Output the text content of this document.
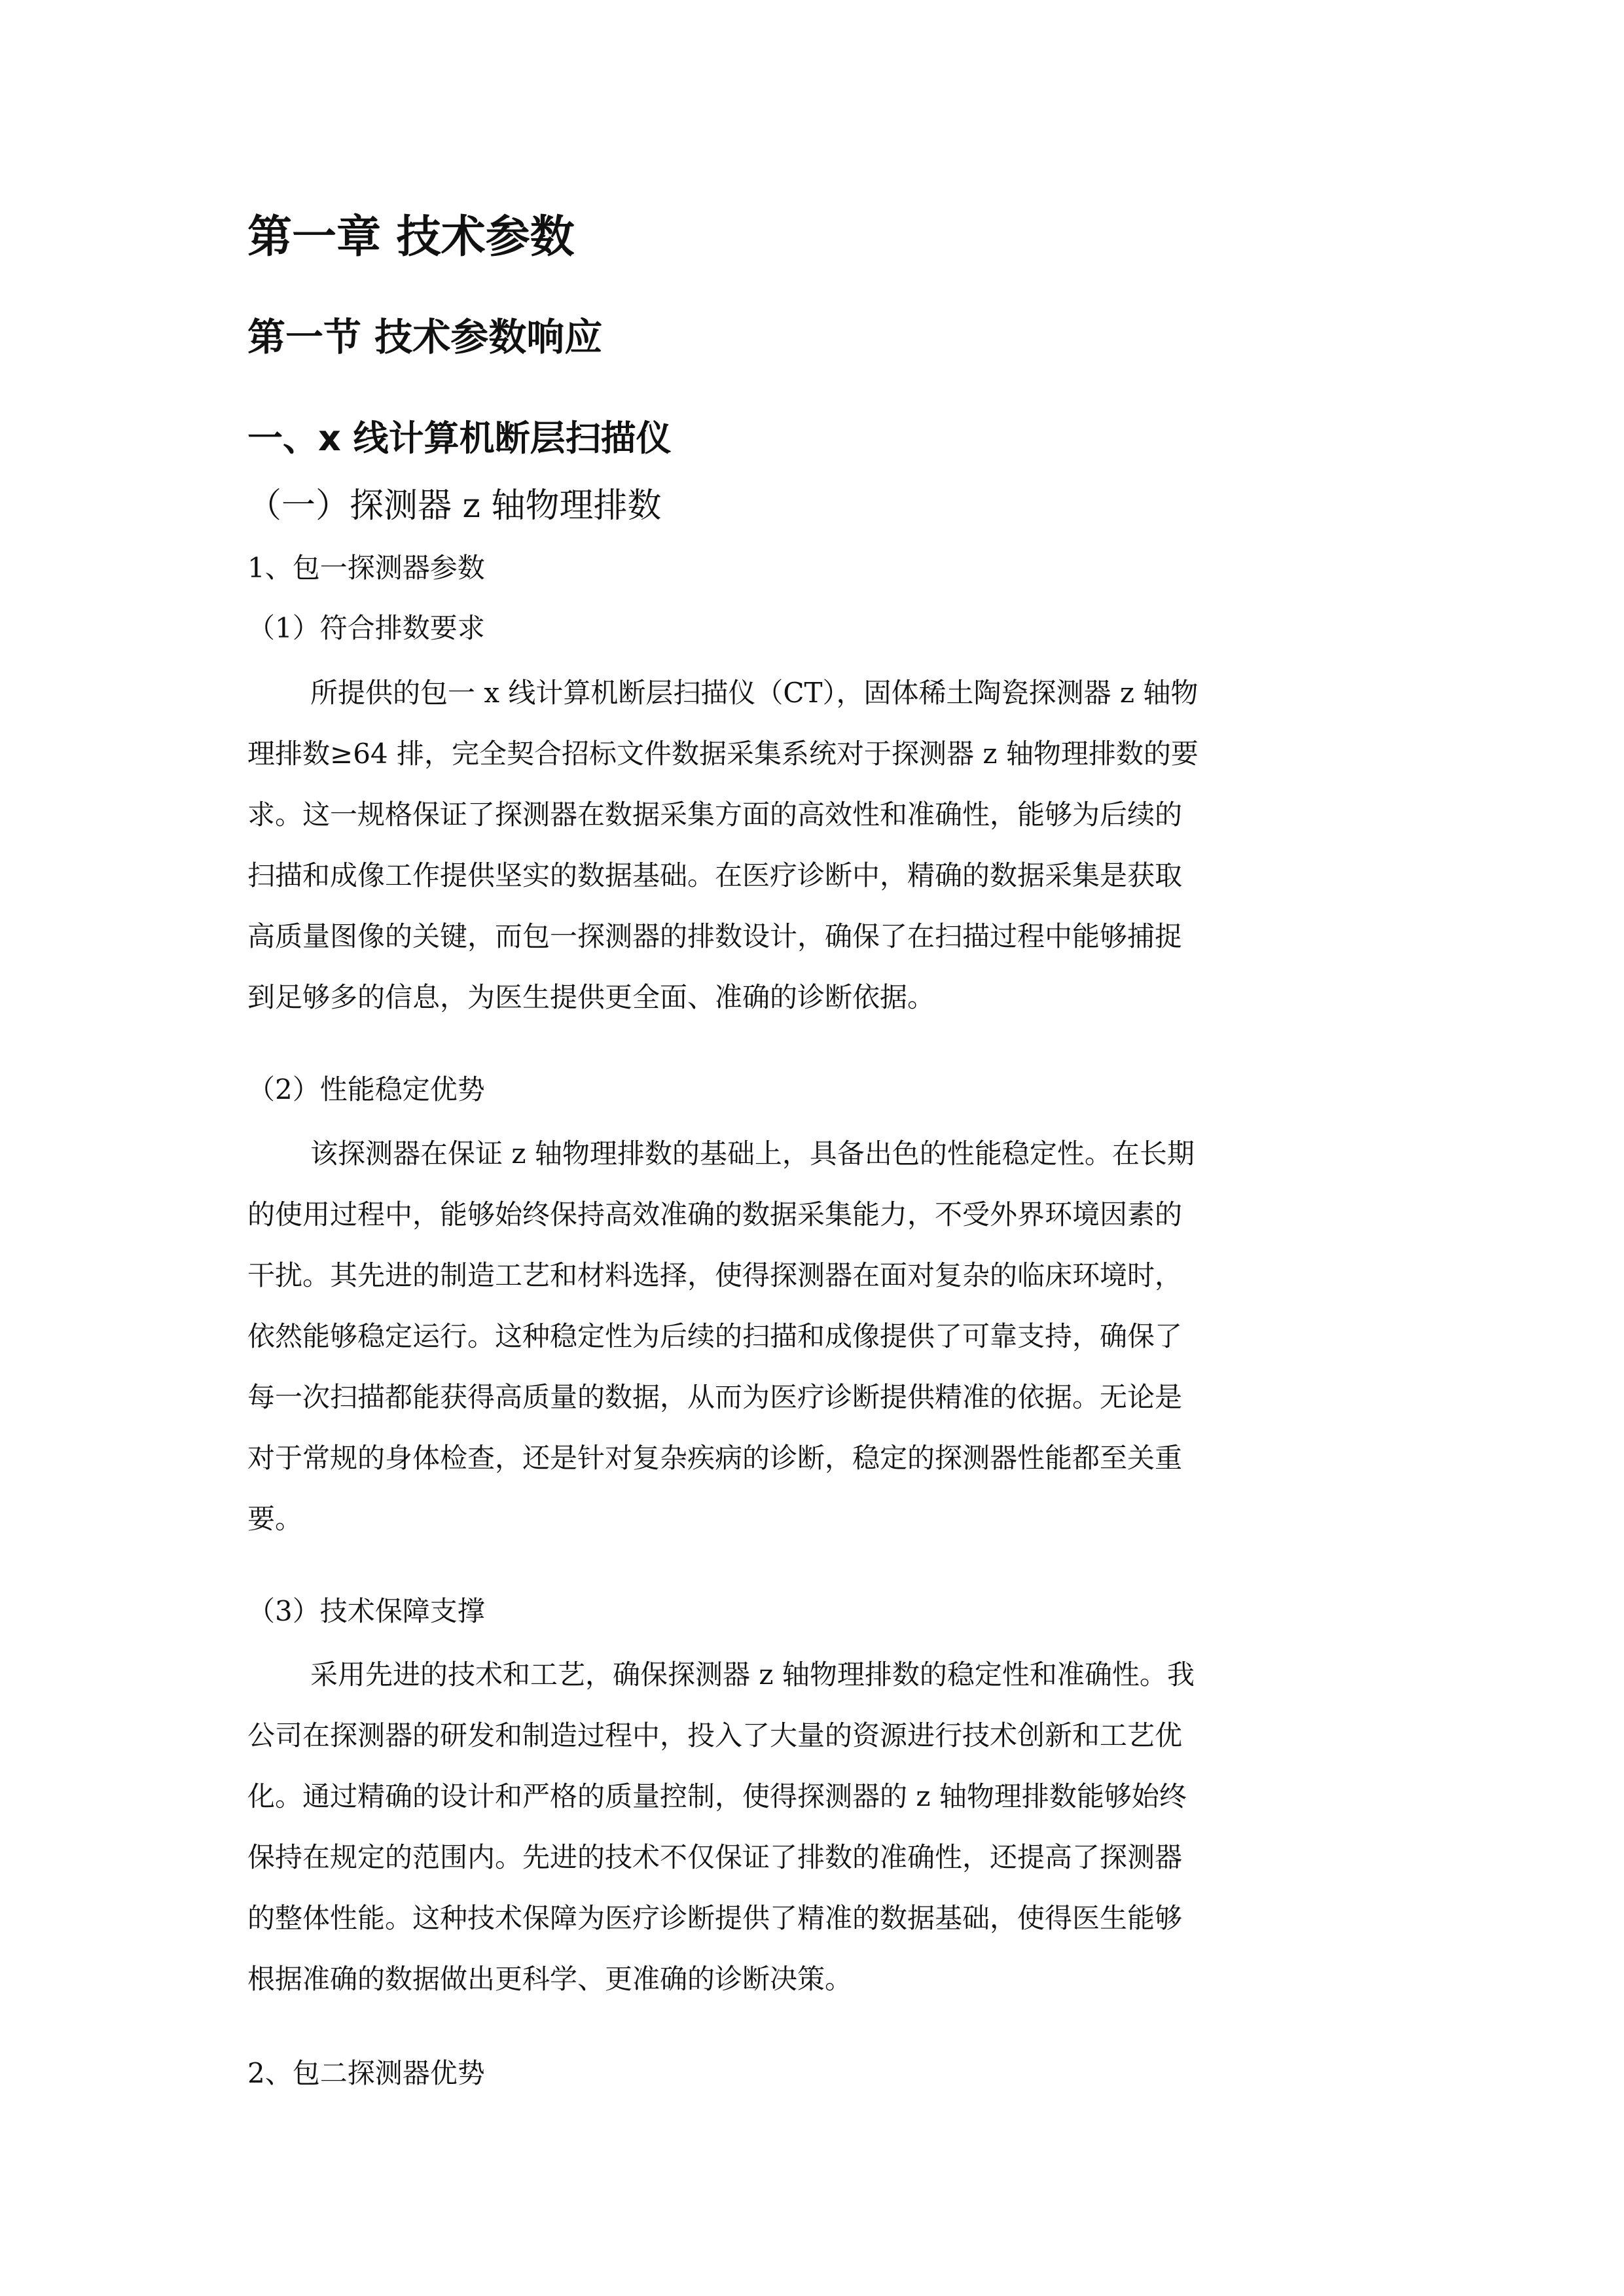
第一章 技术参数
第一节 技术参数响应
一、x 线计算机断层扫描仪
（一）探测器 z 轴物理排数
1、包一探测器参数
（1）符合排数要求
所提供的包一 x 线计算机断层扫描仪（CT），固体稀土陶瓷探测器 z 轴物
理排数≥64 排，完全契合招标文件数据采集系统对于探测器 z 轴物理排数的要
求。这一规格保证了探测器在数据采集方面的高效性和准确性，能够为后续的
扫描和成像工作提供坚实的数据基础。在医疗诊断中，精确的数据采集是获取
高质量图像的关键，而包一探测器的排数设计，确保了在扫描过程中能够捕捉
到足够多的信息，为医生提供更全面、准确的诊断依据。
（2）性能稳定优势
该探测器在保证 z 轴物理排数的基础上，具备出色的性能稳定性。在长期
的使用过程中，能够始终保持高效准确的数据采集能力，不受外界环境因素的
干扰。其先进的制造工艺和材料选择，使得探测器在面对复杂的临床环境时，
依然能够稳定运行。这种稳定性为后续的扫描和成像提供了可靠支持，确保了
每一次扫描都能获得高质量的数据，从而为医疗诊断提供精准的依据。无论是
对于常规的身体检查，还是针对复杂疾病的诊断，稳定的探测器性能都至关重
要。
（3）技术保障支撑
采用先进的技术和工艺，确保探测器 z 轴物理排数的稳定性和准确性。我
公司在探测器的研发和制造过程中，投入了大量的资源进行技术创新和工艺优
化。通过精确的设计和严格的质量控制，使得探测器的 z 轴物理排数能够始终
保持在规定的范围内。先进的技术不仅保证了排数的准确性，还提高了探测器
的整体性能。这种技术保障为医疗诊断提供了精准的数据基础，使得医生能够
根据准确的数据做出更科学、更准确的诊断决策。
2、包二探测器优势
